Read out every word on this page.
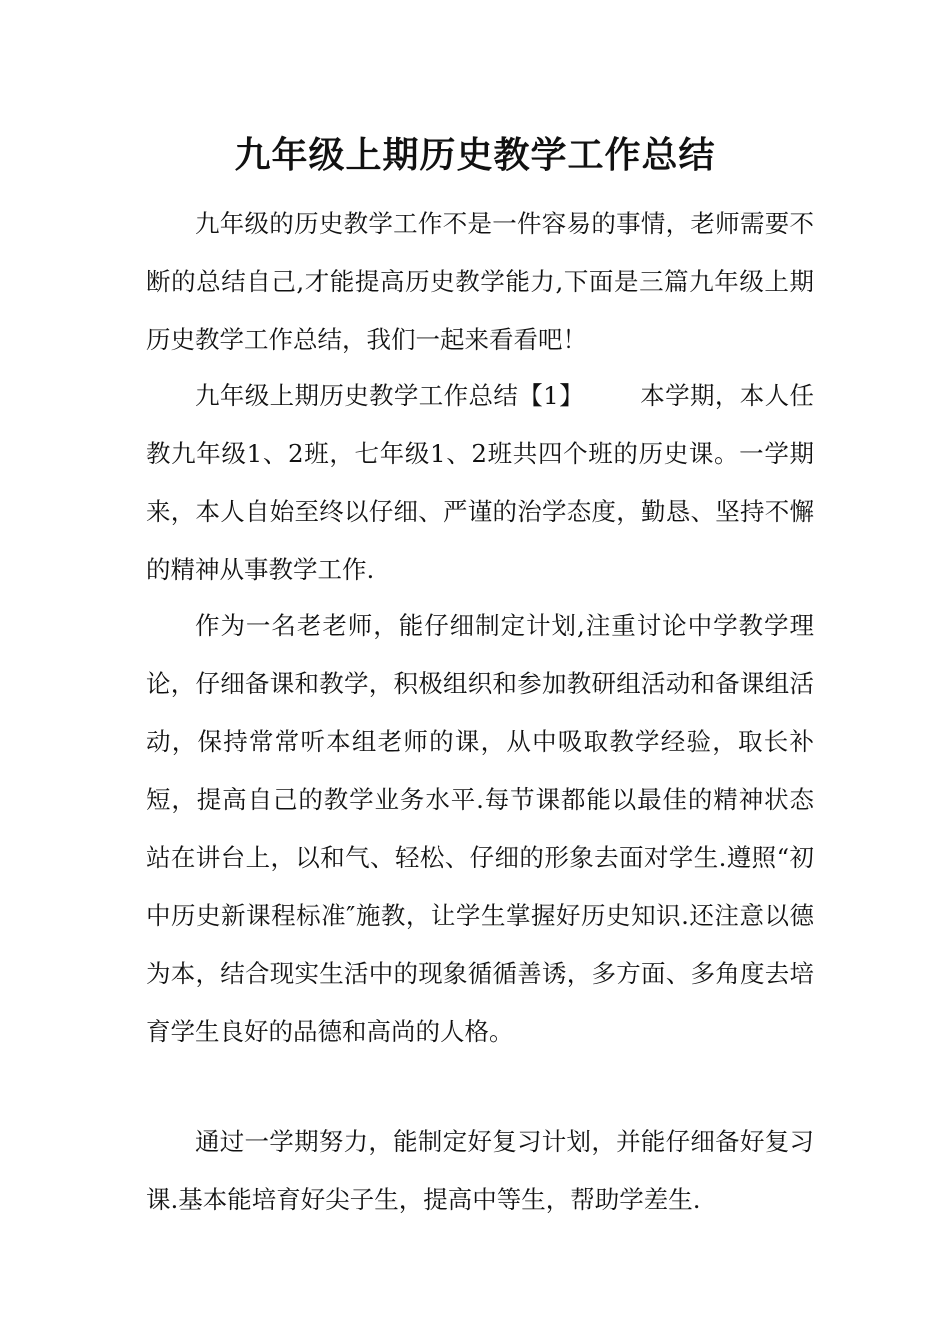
九年级上期历史教学工作总结

九年级的历史教学工作不是一件容易的事情，老师需要不断的总结自己,才能提高历史教学能力,下面是三篇九年级上期历史教学工作总结，我们一起来看看吧！

九年级上期历史教学工作总结【1】 本学期，本人任教九年级1、2班，七年级1、2班共四个班的历史课。一学期来，本人自始至终以仔细、严谨的治学态度，勤恳、坚持不懈的精神从事教学工作.

作为一名老老师，能仔细制定计划,注重讨论中学教学理论，仔细备课和教学，积极组织和参加教研组活动和备课组活动，保持常常听本组老师的课，从中吸取教学经验，取长补短，提高自己的教学业务水平.每节课都能以最佳的精神状态站在讲台上，以和气、轻松、仔细的形象去面对学生.遵照“初中历史新课程标准″施教，让学生掌握好历史知识.还注意以德为本，结合现实生活中的现象循循善诱，多方面、多角度去培育学生良好的品德和高尚的人格。

通过一学期努力，能制定好复习计划，并能仔细备好复习课.基本能培育好尖子生，提高中等生，帮助学差生.
